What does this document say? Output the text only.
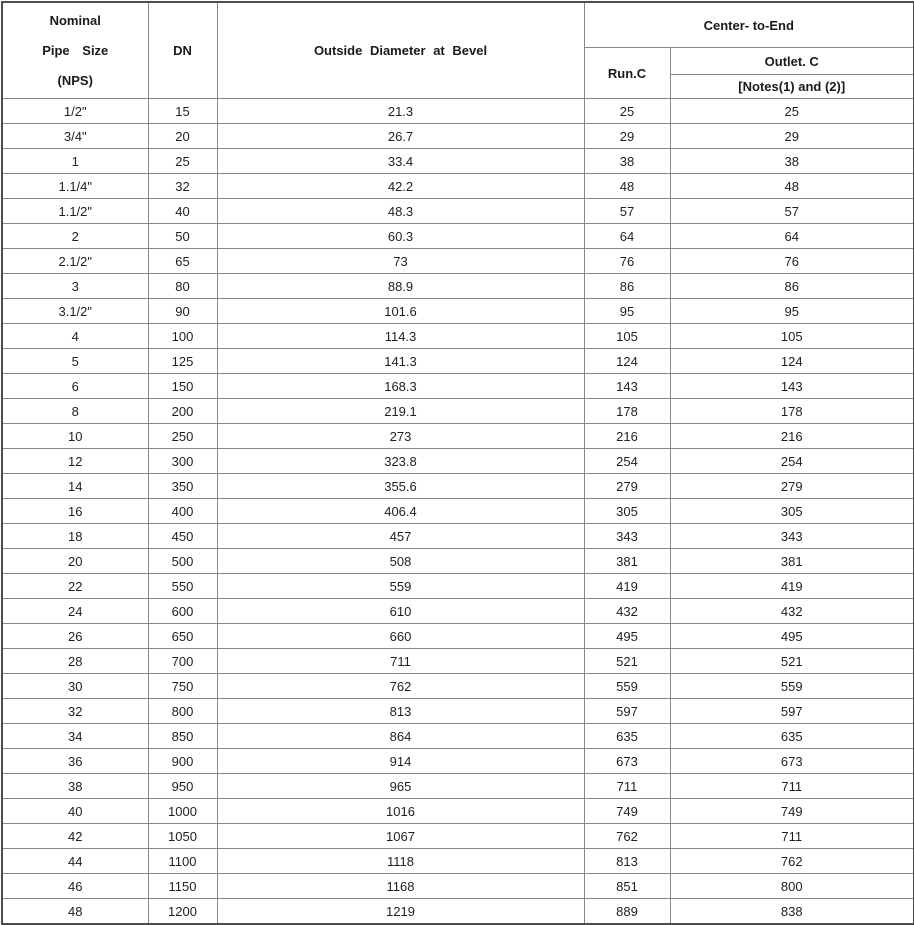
Nominal
Pipe Size
(NPS)	DN	Outside Diameter at Bevel	Center- to-End	
			Run.C	Outlet. C
				[Notes(1) and (2)]
1/2"	15	21.3	25	25
3/4"	20	26.7	29	29
1	25	33.4	38	38
1.1/4"	32	42.2	48	48
1.1/2"	40	48.3	57	57
2	50	60.3	64	64
2.1/2"	65	73	76	76
3	80	88.9	86	86
3.1/2"	90	101.6	95	95
4	100	114.3	105	105
5	125	141.3	124	124
6	150	168.3	143	143
8	200	219.1	178	178
10	250	273	216	216
12	300	323.8	254	254
14	350	355.6	279	279
16	400	406.4	305	305
18	450	457	343	343
20	500	508	381	381
22	550	559	419	419
24	600	610	432	432
26	650	660	495	495
28	700	711	521	521
30	750	762	559	559
32	800	813	597	597
34	850	864	635	635
36	900	914	673	673
38	950	965	711	711
40	1000	1016	749	749
42	1050	1067	762	711
44	1100	1118	813	762
46	1150	1168	851	800
48	1200	1219	889	838
